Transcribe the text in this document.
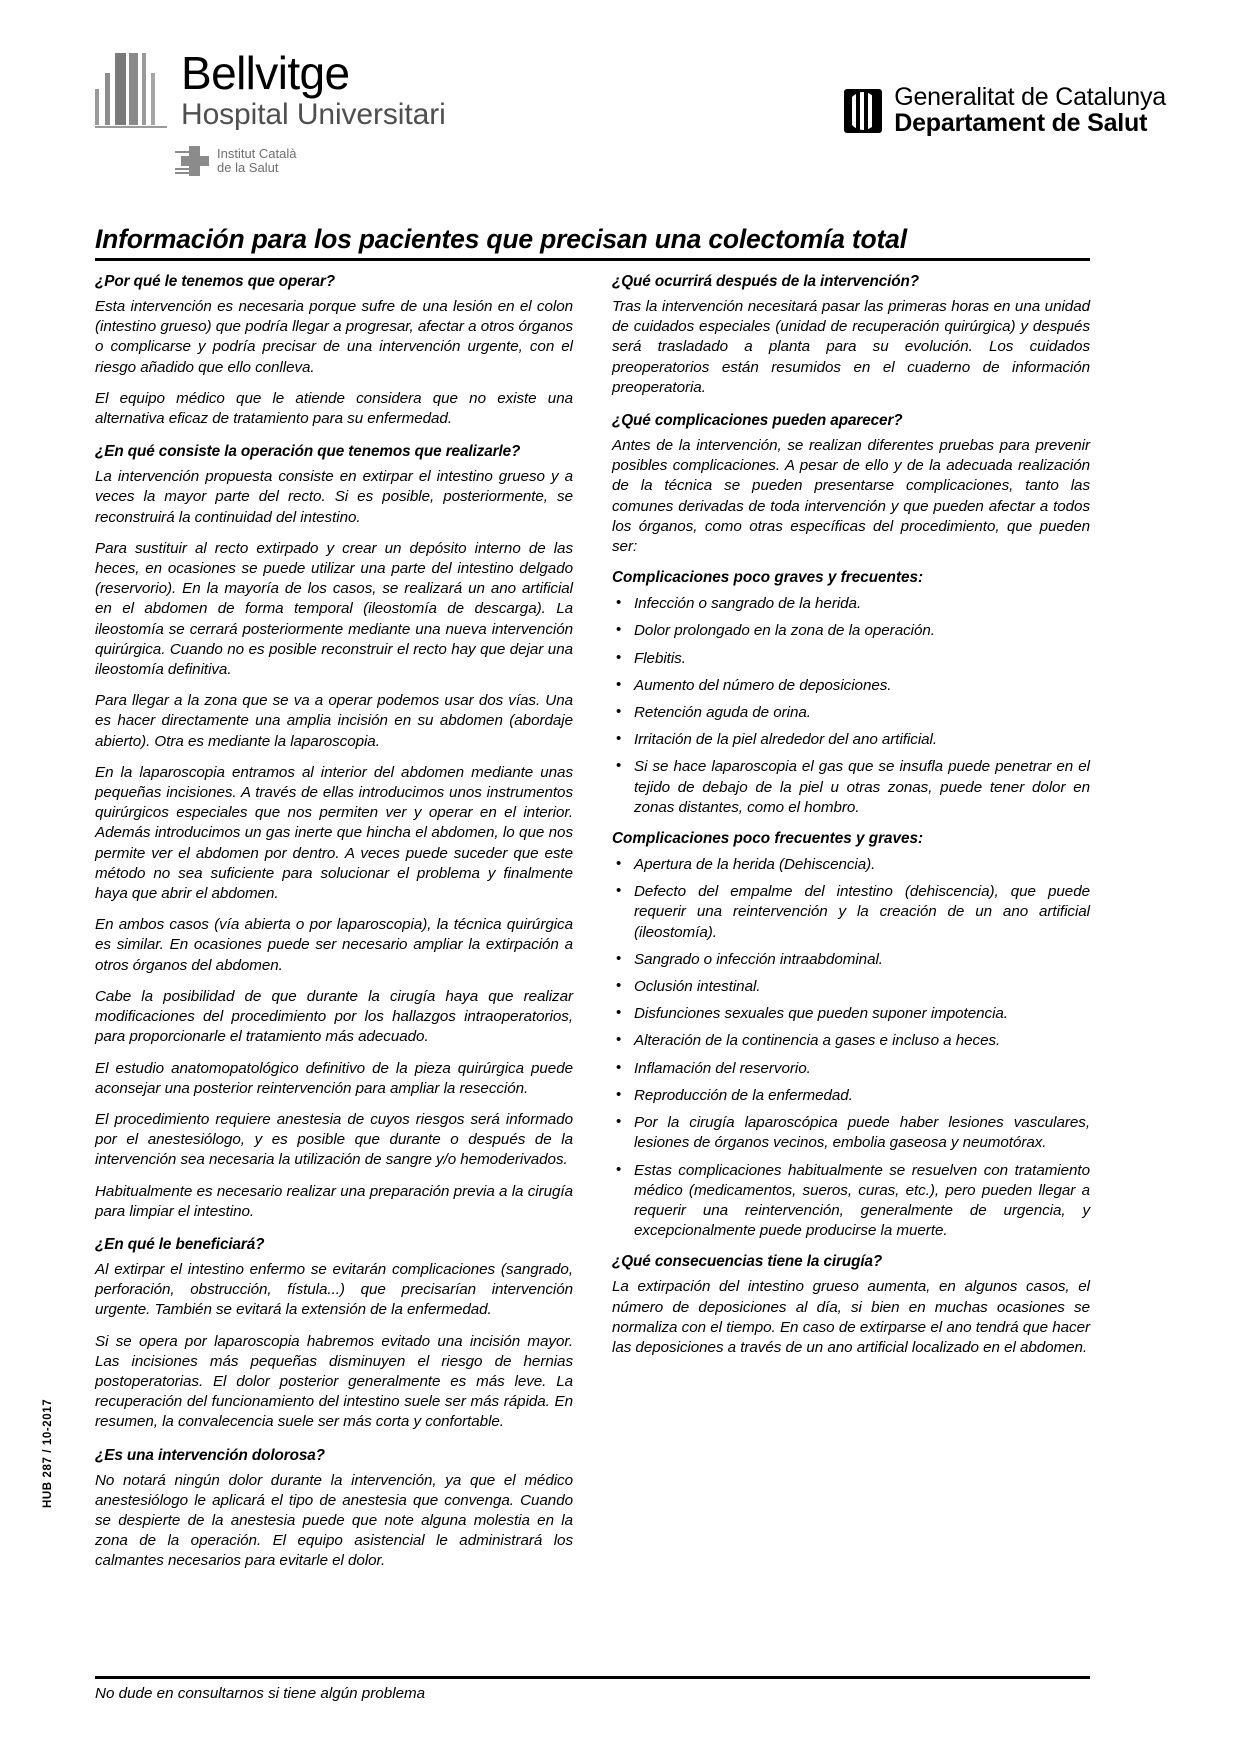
Bellvitge
Hospital Universitari
Institut Català
de la Salut
Generalitat de Catalunya
Departament de Salut
Información para los pacientes que precisan una colectomía total
¿Por qué le tenemos que operar?

Esta intervención es necesaria porque sufre de una lesión en el colon (intestino grueso) que podría llegar a progresar, afectar a otros órganos o complicarse y podría precisar de una intervención urgente, con el riesgo añadido que ello conlleva.

El equipo médico que le atiende considera que no existe una alternativa eficaz de tratamiento para su enfermedad.

¿En qué consiste la operación que tenemos que realizarle?

La intervención propuesta consiste en extirpar el intestino grueso y a veces la mayor parte del recto. Si es posible, posteriormente, se reconstruirá la continuidad del intestino.

Para sustituir al recto extirpado y crear un depósito interno de las heces, en ocasiones se puede utilizar una parte del intestino delgado (reservorio). En la mayoría de los casos, se realizará un ano artificial en el abdomen de forma temporal (ileostomía de descarga). La ileostomía se cerrará posteriormente mediante una nueva intervención quirúrgica. Cuando no es posible reconstruir el recto hay que dejar una ileostomía definitiva.

Para llegar a la zona que se va a operar podemos usar dos vías. Una es hacer directamente una amplia incisión en su abdomen (abordaje abierto). Otra es mediante la laparoscopia.

En la laparoscopia entramos al interior del abdomen mediante unas pequeñas incisiones. A través de ellas introducimos unos instrumentos quirúrgicos especiales que nos permiten ver y operar en el interior. Además introducimos un gas inerte que hincha el abdomen, lo que nos permite ver el abdomen por dentro. A veces puede suceder que este método no sea suficiente para solucionar el problema y finalmente haya que abrir el abdomen.

En ambos casos (vía abierta o por laparoscopia), la técnica quirúrgica es similar. En ocasiones puede ser necesario ampliar la extirpación a otros órganos del abdomen.

Cabe la posibilidad de que durante la cirugía haya que realizar modificaciones del procedimiento por los hallazgos intraoperatorios, para proporcionarle el tratamiento más adecuado.

El estudio anatomopatológico definitivo de la pieza quirúrgica puede aconsejar una posterior reintervención para ampliar la resección.

El procedimiento requiere anestesia de cuyos riesgos será informado por el anestesiólogo, y es posible que durante o después de la intervención sea necesaria la utilización de sangre y/o hemoderivados.

Habitualmente es necesario realizar una preparación previa a la cirugía para limpiar el intestino.

¿En qué le beneficiará?

Al extirpar el intestino enfermo se evitarán complicaciones (sangrado, perforación, obstrucción, fístula...) que precisarían intervención urgente. También se evitará la extensión de la enfermedad.

Si se opera por laparoscopia habremos evitado una incisión mayor. Las incisiones más pequeñas disminuyen el riesgo de hernias postoperatorias. El dolor posterior generalmente es más leve. La recuperación del funcionamiento del intestino suele ser más rápida. En resumen, la convalecencia suele ser más corta y confortable.

¿Es una intervención dolorosa?

No notará ningún dolor durante la intervención, ya que el médico anestesiólogo le aplicará el tipo de anestesia que convenga. Cuando se despierte de la anestesia puede que note alguna molestia en la zona de la operación. El equipo asistencial le administrará los calmantes necesarios para evitarle el dolor.

¿Qué ocurrirá después de la intervención?

Tras la intervención necesitará pasar las primeras horas en una unidad de cuidados especiales (unidad de recuperación quirúrgica) y después será trasladado a planta para su evolución. Los cuidados preoperatorios están resumidos en el cuaderno de información preoperatoria.

¿Qué complicaciones pueden aparecer?

Antes de la intervención, se realizan diferentes pruebas para prevenir posibles complicaciones. A pesar de ello y de la adecuada realización de la técnica se pueden presentarse complicaciones, tanto las comunes derivadas de toda intervención y que pueden afectar a todos los órganos, como otras específicas del procedimiento, que pueden ser:

Complicaciones poco graves y frecuentes:
• Infección o sangrado de la herida.
• Dolor prolongado en la zona de la operación.
• Flebitis.
• Aumento del número de deposiciones.
• Retención aguda de orina.
• Irritación de la piel alrededor del ano artificial.
• Si se hace laparoscopia el gas que se insufla puede penetrar en el tejido de debajo de la piel u otras zonas, puede tener dolor en zonas distantes, como el hombro.
Complicaciones poco frecuentes y graves:
• Apertura de la herida (Dehiscencia).
• Defecto del empalme del intestino (dehiscencia), que puede requerir una reintervención y la creación de un ano artificial (ileostomía).
• Sangrado o infección intraabdominal.
• Oclusión intestinal.
• Disfunciones sexuales que pueden suponer impotencia.
• Alteración de la continencia a gases e incluso a heces.
• Inflamación del reservorio.
• Reproducción de la enfermedad.
• Por la cirugía laparoscópica puede haber lesiones vasculares, lesiones de órganos vecinos, embolia gaseosa y neumotórax.
• Estas complicaciones habitualmente se resuelven con tratamiento médico (medicamentos, sueros, curas, etc.), pero pueden llegar a requerir una reintervención, generalmente de urgencia, y excepcionalmente puede producirse la muerte.
¿Qué consecuencias tiene la cirugía?

La extirpación del intestino grueso aumenta, en algunos casos, el número de deposiciones al día, si bien en muchas ocasiones se normaliza con el tiempo. En caso de extirparse el ano tendrá que hacer las deposiciones a través de un ano artificial localizado en el abdomen.

No dude en consultarnos si tiene algún problema
HUB 287 / 10-2017
